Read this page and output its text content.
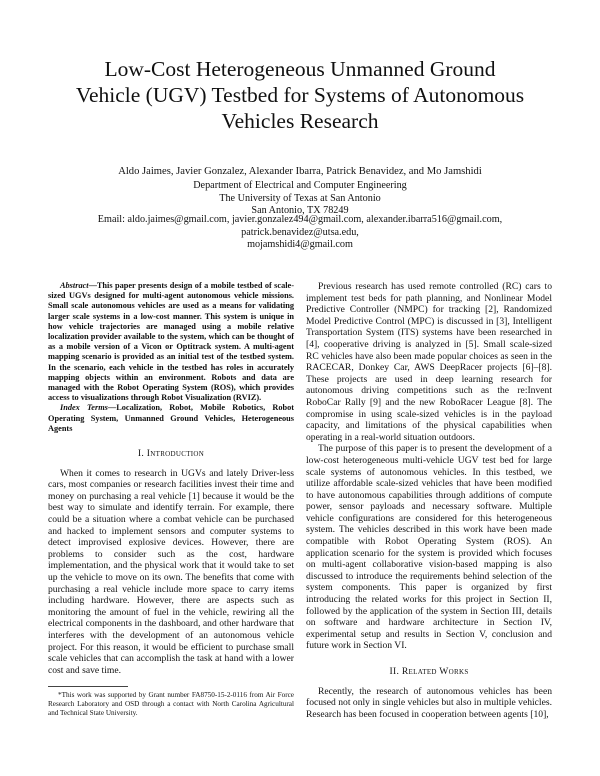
Low-Cost Heterogeneous Unmanned Ground
Vehicle (UGV) Testbed for Systems of Autonomous
Vehicles Research
Aldo Jaimes, Javier Gonzalez, Alexander Ibarra, Patrick Benavidez, and Mo Jamshidi
Department of Electrical and Computer Engineering
The University of Texas at San Antonio
San Antonio, TX 78249
Email: aldo.jaimes@gmail.com, javier.gonzalez494@gmail.com, alexander.ibarra516@gmail.com, patrick.benavidez@utsa.edu,
mojamshidi4@gmail.com

Abstract—This paper presents design of a mobile testbed of scale-sized UGVs designed for multi-agent autonomous vehicle missions. Small scale autonomous vehicles are used as a means for validating larger scale systems in a low-cost manner. This system is unique in how vehicle trajectories are managed using a mobile relative localization provider available to the system, which can be thought of as a mobile version of a Vicon or Optitrack system. A multi-agent mapping scenario is provided as an initial test of the testbed system. In the scenario, each vehicle in the testbed has roles in accurately mapping objects within an environment. Robots and data are managed with the Robot Operating System (ROS), which provides access to visualizations through Robot Visualization (RVIZ).

Index Terms—Localization, Robot, Mobile Robotics, Robot Operating System, Unmanned Ground Vehicles, Heterogeneous Agents

I. Introduction

When it comes to research in UGVs and lately Driver-less cars, most companies or research facilities invest their time and money on purchasing a real vehicle [1] because it would be the best way to simulate and identify terrain. For example, there could be a situation where a combat vehicle can be purchased and hacked to implement sensors and computer systems to detect improvised explosive devices. However, there are problems to consider such as the cost, hardware implementation, and the physical work that it would take to set up the vehicle to move on its own. The benefits that come with purchasing a real vehicle include more space to carry items including hardware. However, there are aspects such as monitoring the amount of fuel in the vehicle, rewiring all the electrical components in the dashboard, and other hardware that interferes with the development of an autonomous vehicle project. For this reason, it would be efficient to purchase small scale vehicles that can accomplish the task at hand with a lower cost and save time.

*This work was supported by Grant number FA8750-15-2-0116 from Air Force Research Laboratory and OSD through a contact with North Carolina Agricultural and Technical State University.

Previous research has used remote controlled (RC) cars to implement test beds for path planning, and Nonlinear Model Predictive Controller (NMPC) for tracking [2], Randomized Model Predictive Control (MPC) is discussed in [3], Intelligent Transportation System (ITS) systems have been researched in [4], cooperative driving is analyzed in [5]. Small scale-sized RC vehicles have also been made popular choices as seen in the RACECAR, Donkey Car, AWS DeepRacer projects [6]–[8]. These projects are used in deep learning research for autonomous driving competitions such as the re:Invent RoboCar Rally [9] and the new RoboRacer League [8]. The compromise in using scale-sized vehicles is in the payload capacity, and limitations of the physical capabilities when operating in a real-world situation outdoors.

The purpose of this paper is to present the development of a low-cost heterogeneous multi-vehicle UGV test bed for large scale systems of autonomous vehicles. In this testbed, we utilize affordable scale-sized vehicles that have been modified to have autonomous capabilities through additions of compute power, sensor payloads and necessary software. Multiple vehicle configurations are considered for this heterogeneous system. The vehicles described in this work have been made compatible with Robot Operating System (ROS). An application scenario for the system is provided which focuses on multi-agent collaborative vision-based mapping is also discussed to introduce the requirements behind selection of the system components. This paper is organized by first introducing the related works for this project in Section II, followed by the application of the system in Section III, details on software and hardware architecture in Section IV, experimental setup and results in Section V, conclusion and future work in Section VI.

II. Related Works

Recently, the research of autonomous vehicles has been focused not only in single vehicles but also in multiple vehicles. Research has been focused in cooperation between agents [10],
